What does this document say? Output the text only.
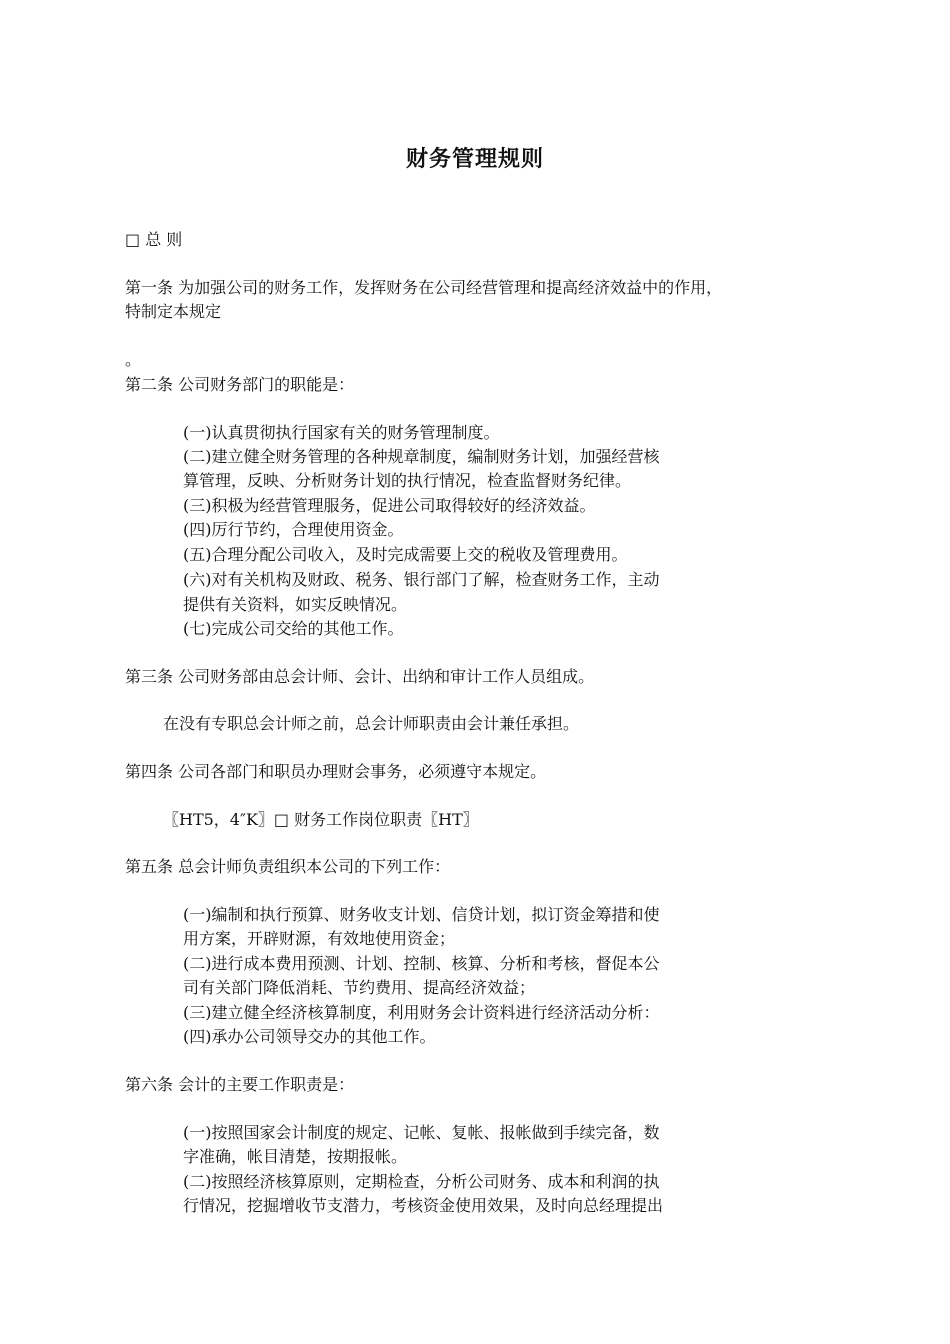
财务管理规则
□ 总 则
第一条 为加强公司的财务工作，发挥财务在公司经营管理和提高经济效益中的作用，
特制定本规定
。
第二条 公司财务部门的职能是：
(一)认真贯彻执行国家有关的财务管理制度。
(二)建立健全财务管理的各种规章制度，编制财务计划，加强经营核
算管理，反映、分析财务计划的执行情况，检查监督财务纪律。
(三)积极为经营管理服务，促进公司取得较好的经济效益。
(四)厉行节约，合理使用资金。
(五)合理分配公司收入，及时完成需要上交的税收及管理费用。
(六)对有关机构及财政、税务、银行部门了解，检查财务工作，主动
提供有关资料，如实反映情况。
(七)完成公司交给的其他工作。
第三条 公司财务部由总会计师、会计、出纳和审计工作人员组成。
在没有专职总会计师之前，总会计师职责由会计兼任承担。
第四条 公司各部门和职员办理财会事务，必须遵守本规定。
〖HT5，4″K〗□ 财务工作岗位职责〖HT〗
第五条 总会计师负责组织本公司的下列工作：
(一)编制和执行预算、财务收支计划、信贷计划，拟订资金筹措和使
用方案，开辟财源，有效地使用资金；
(二)进行成本费用预测、计划、控制、核算、分析和考核，督促本公
司有关部门降低消耗、节约费用、提高经济效益；
(三)建立健全经济核算制度，利用财务会计资料进行经济活动分析：
(四)承办公司领导交办的其他工作。
第六条 会计的主要工作职责是：
(一)按照国家会计制度的规定、记帐、复帐、报帐做到手续完备，数
字准确，帐目清楚，按期报帐。
(二)按照经济核算原则，定期检查，分析公司财务、成本和利润的执
行情况，挖掘增收节支潜力，考核资金使用效果，及时向总经理提出
